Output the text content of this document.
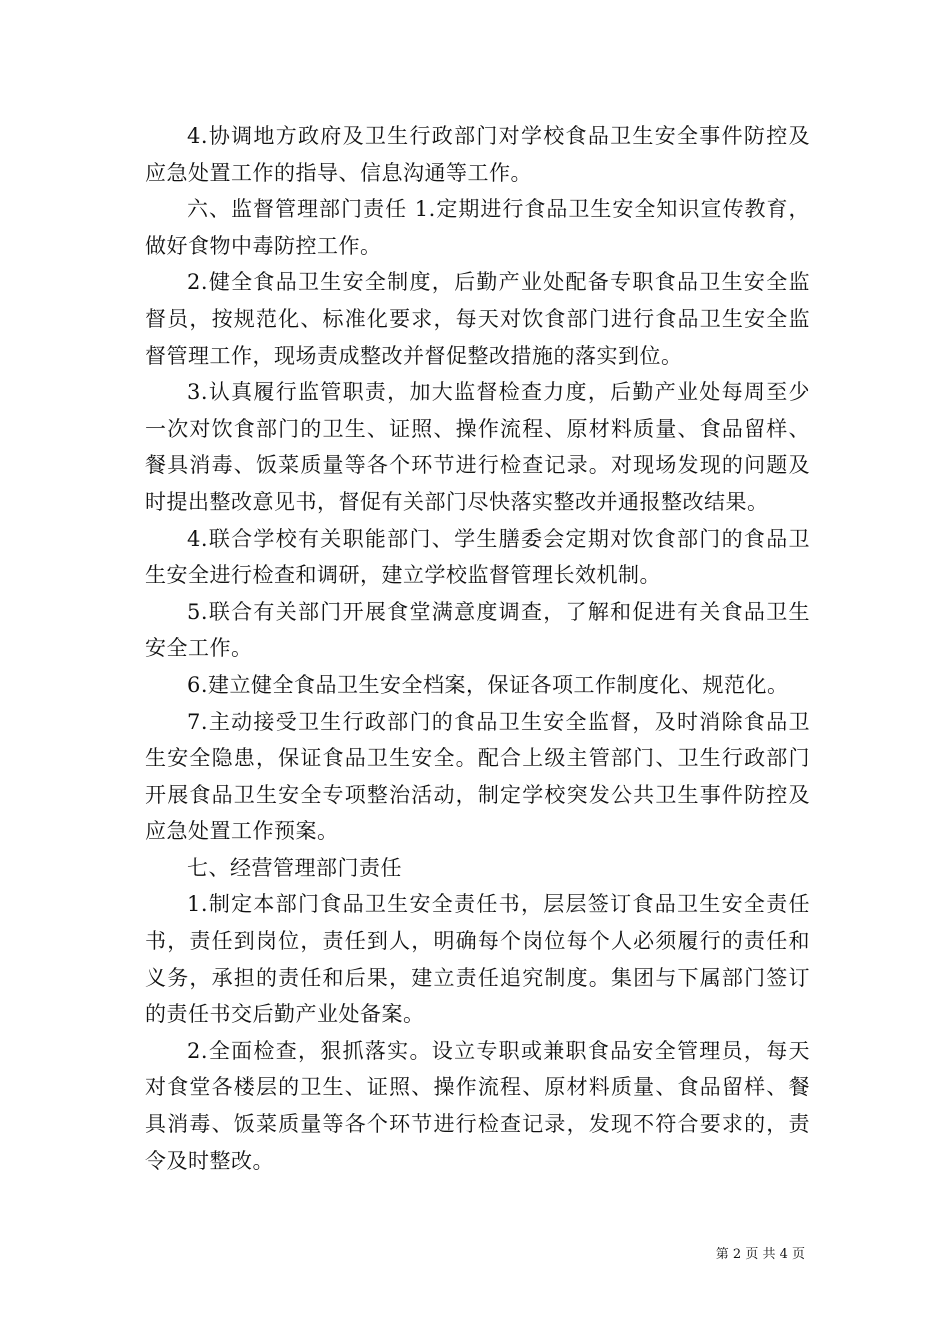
4.协调地方政府及卫生行政部门对学校食品卫生安全事件防控及应急处置工作的指导、信息沟通等工作。

六、监督管理部门责任 1.定期进行食品卫生安全知识宣传教育，做好食物中毒防控工作。

2.健全食品卫生安全制度，后勤产业处配备专职食品卫生安全监督员，按规范化、标准化要求，每天对饮食部门进行食品卫生安全监督管理工作，现场责成整改并督促整改措施的落实到位。

3.认真履行监管职责，加大监督检查力度，后勤产业处每周至少一次对饮食部门的卫生、证照、操作流程、原材料质量、食品留样、餐具消毒、饭菜质量等各个环节进行检查记录。对现场发现的问题及时提出整改意见书，督促有关部门尽快落实整改并通报整改结果。

4.联合学校有关职能部门、学生膳委会定期对饮食部门的食品卫生安全进行检查和调研，建立学校监督管理长效机制。

5.联合有关部门开展食堂满意度调查，了解和促进有关食品卫生安全工作。

6.建立健全食品卫生安全档案，保证各项工作制度化、规范化。

7.主动接受卫生行政部门的食品卫生安全监督，及时消除食品卫生安全隐患，保证食品卫生安全。配合上级主管部门、卫生行政部门开展食品卫生安全专项整治活动，制定学校突发公共卫生事件防控及应急处置工作预案。

七、经营管理部门责任

1.制定本部门食品卫生安全责任书，层层签订食品卫生安全责任书，责任到岗位，责任到人，明确每个岗位每个人必须履行的责任和义务，承担的责任和后果，建立责任追究制度。集团与下属部门签订的责任书交后勤产业处备案。

2.全面检查，狠抓落实。设立专职或兼职食品安全管理员，每天对食堂各楼层的卫生、证照、操作流程、原材料质量、食品留样、餐具消毒、饭菜质量等各个环节进行检查记录，发现不符合要求的，责令及时整改。

第 2 页 共 4 页
